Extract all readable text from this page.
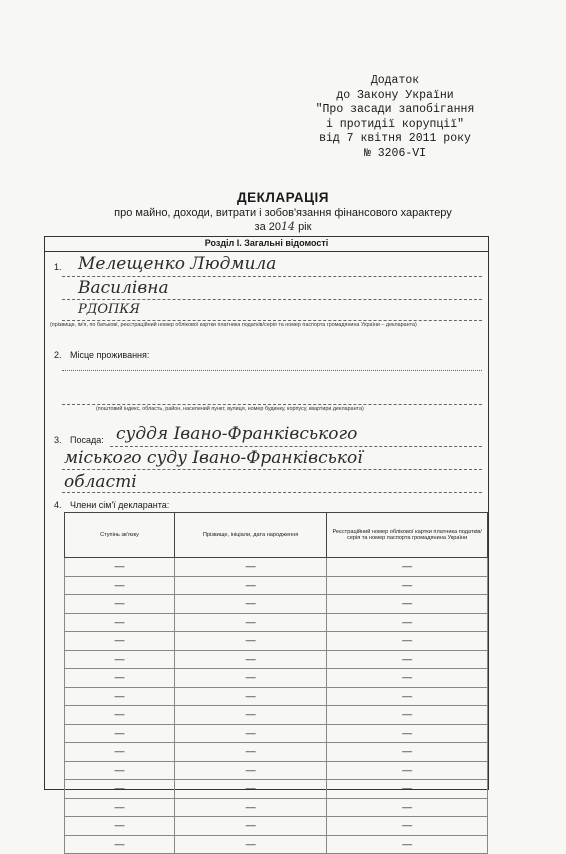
Додаток
до Закону України
"Про засади запобігання
і протидії корупції"
від 7 квітня 2011 року
№ 3206-VI
ДЕКЛАРАЦІЯ
про майно, доходи, витрати і зобов'язання фінансового характеру
за 2014 рік
Розділ І. Загальні відомості
1. Мелещенко Людмила
Василівна
РДОПКЯ
(прізвище, ім'я, по батькові, реєстраційний номер облікової картки платника податків/серія та номер паспорта громадянина України – декларанта)
2. Місце проживання:
(поштовий індекс, область, район, населений пункт, вулиця, номер будинку, корпусу, квартири декларанта)
3. Посада: суддя Івано-Франківського
міського суду Івано-Франківської
області
4. Члени сім'ї декларанта:
Ступінь зв'язку	Прізвище, ініціали, дата народження	Реєстраційний номер облікової картки платника податків/ серія та номер паспорта громадянина України
—	—	—
—	—	—
—	—	—
—	—	—
—	—	—
—	—	—
—	—	—
—	—	—
—	—	—
—	—	—
—	—	—
—	—	—
—	—	—
—	—	—
—	—	—
—	—	—
